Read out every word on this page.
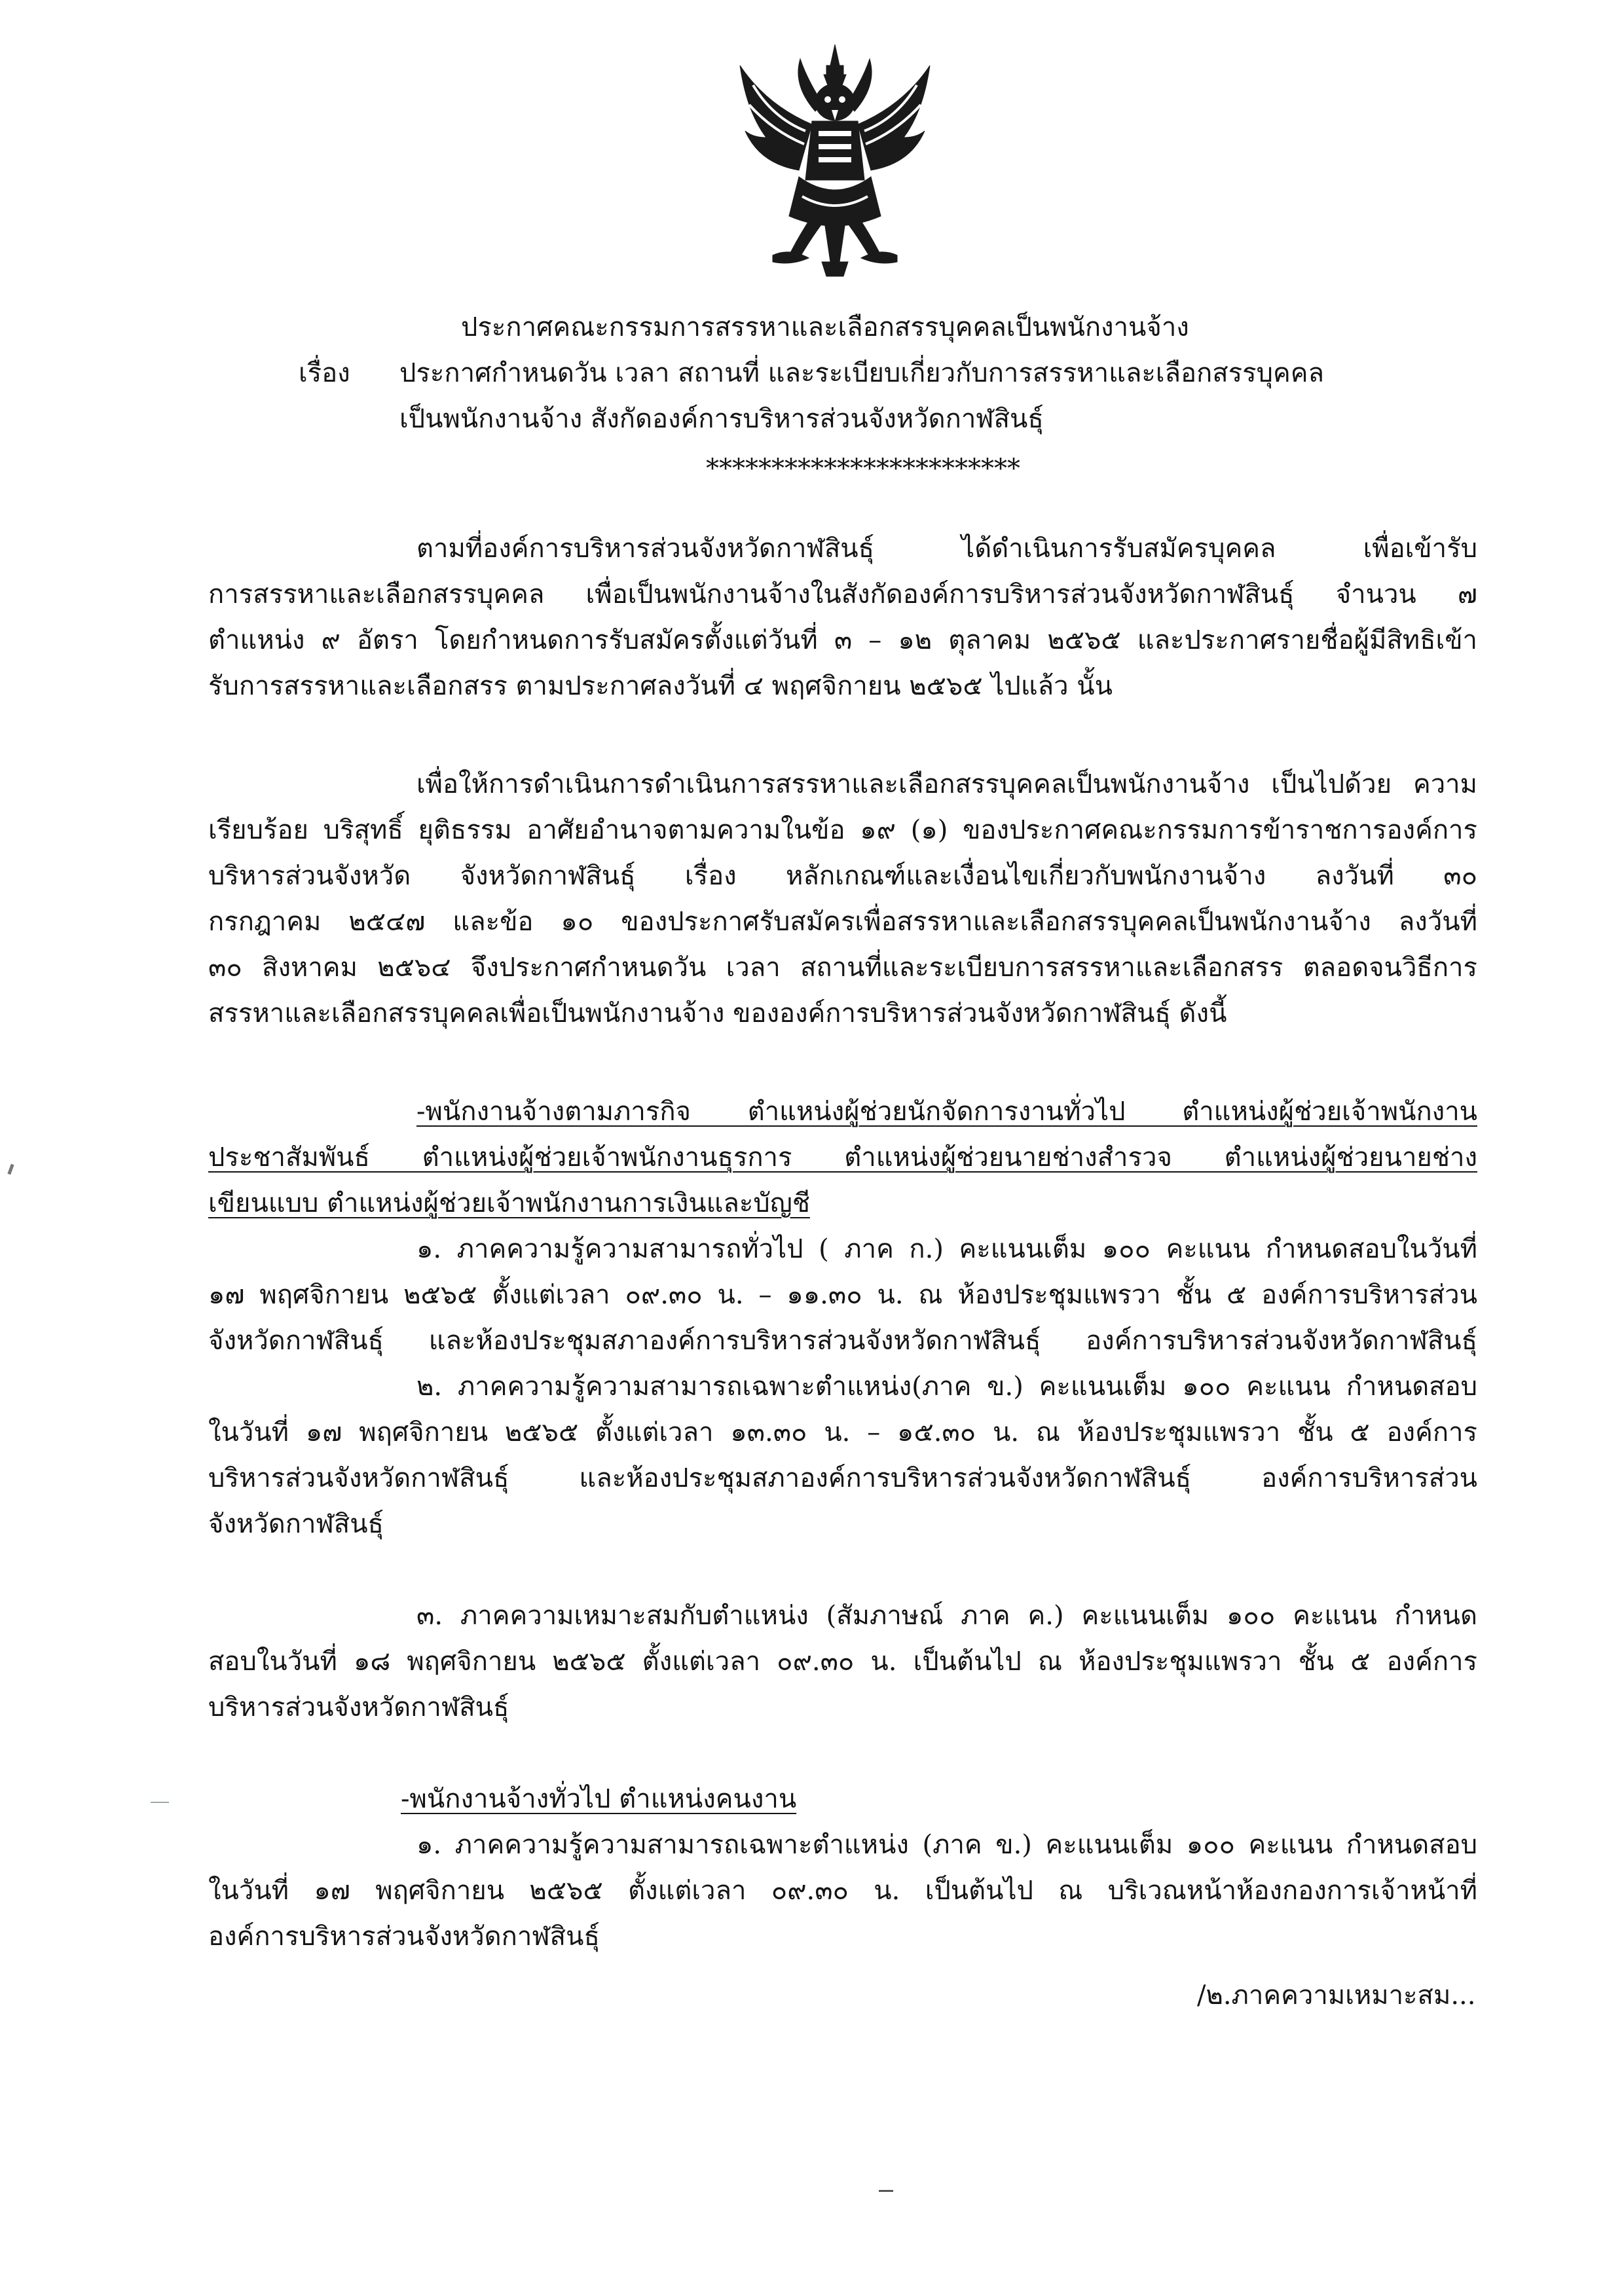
ประกาศคณะกรรมการสรรหาและเลือกสรรบุคคลเป็นพนักงานจ้าง
เรื่อง ประกาศกำหนดวัน เวลา สถานที่ และระเบียบเกี่ยวกับการสรรหาและเลือกสรรบุคคล
เป็นพนักงานจ้าง สังกัดองค์การบริหารส่วนจังหวัดกาฬสินธุ์
************************
ตามที่องค์การบริหารส่วนจังหวัดกาฬสินธุ์ ได้ดำเนินการรับสมัครบุคคล เพื่อเข้ารับ
การสรรหาและเลือกสรรบุคคล เพื่อเป็นพนักงานจ้างในสังกัดองค์การบริหารส่วนจังหวัดกาฬสินธุ์ จำนวน ๗
ตำแหน่ง ๙ อัตรา โดยกำหนดการรับสมัครตั้งแต่วันที่ ๓ – ๑๒ ตุลาคม ๒๕๖๕ และประกาศรายชื่อผู้มีสิทธิเข้า
รับการสรรหาและเลือกสรร ตามประกาศลงวันที่ ๔ พฤศจิกายน ๒๕๖๕ ไปแล้ว นั้น
เพื่อให้การดำเนินการดำเนินการสรรหาและเลือกสรรบุคคลเป็นพนักงานจ้าง เป็นไปด้วย ความ
เรียบร้อย บริสุทธิ์ ยุติธรรม อาศัยอำนาจตามความในข้อ ๑๙ (๑) ของประกาศคณะกรรมการข้าราชการองค์การ
บริหารส่วนจังหวัด จังหวัดกาฬสินธุ์ เรื่อง หลักเกณฑ์และเงื่อนไขเกี่ยวกับพนักงานจ้าง ลงวันที่ ๓๐
กรกฎาคม ๒๕๔๗ และข้อ ๑๐ ของประกาศรับสมัครเพื่อสรรหาและเลือกสรรบุคคลเป็นพนักงานจ้าง ลงวันที่
๓๐ สิงหาคม ๒๕๖๔ จึงประกาศกำหนดวัน เวลา สถานที่และระเบียบการสรรหาและเลือกสรร ตลอดจนวิธีการ
สรรหาและเลือกสรรบุคคลเพื่อเป็นพนักงานจ้าง ขององค์การบริหารส่วนจังหวัดกาฬสินธุ์ ดังนี้
-พนักงานจ้างตามภารกิจ ตำแหน่งผู้ช่วยนักจัดการงานทั่วไป ตำแหน่งผู้ช่วยเจ้าพนักงาน
ประชาสัมพันธ์ ตำแหน่งผู้ช่วยเจ้าพนักงานธุรการ ตำแหน่งผู้ช่วยนายช่างสำรวจ ตำแหน่งผู้ช่วยนายช่าง
เขียนแบบ ตำแหน่งผู้ช่วยเจ้าพนักงานการเงินและบัญชี
๑. ภาคความรู้ความสามารถทั่วไป ( ภาค ก.) คะแนนเต็ม ๑๐๐ คะแนน กำหนดสอบในวันที่
๑๗ พฤศจิกายน ๒๕๖๕ ตั้งแต่เวลา ๐๙.๓๐ น. – ๑๑.๓๐ น. ณ ห้องประชุมแพรวา ชั้น ๕ องค์การบริหารส่วน
จังหวัดกาฬสินธุ์ และห้องประชุมสภาองค์การบริหารส่วนจังหวัดกาฬสินธุ์ องค์การบริหารส่วนจังหวัดกาฬสินธุ์
๒. ภาคความรู้ความสามารถเฉพาะตำแหน่ง(ภาค ข.) คะแนนเต็ม ๑๐๐ คะแนน กำหนดสอบ
ในวันที่ ๑๗ พฤศจิกายน ๒๕๖๕ ตั้งแต่เวลา ๑๓.๓๐ น. – ๑๕.๓๐ น. ณ ห้องประชุมแพรวา ชั้น ๕ องค์การ
บริหารส่วนจังหวัดกาฬสินธุ์ และห้องประชุมสภาองค์การบริหารส่วนจังหวัดกาฬสินธุ์ องค์การบริหารส่วน
จังหวัดกาฬสินธุ์
๓. ภาคความเหมาะสมกับตำแหน่ง (สัมภาษณ์ ภาค ค.) คะแนนเต็ม ๑๐๐ คะแนน กำหนด
สอบในวันที่ ๑๘ พฤศจิกายน ๒๕๖๕ ตั้งแต่เวลา ๐๙.๓๐ น. เป็นต้นไป ณ ห้องประชุมแพรวา ชั้น ๕ องค์การ
บริหารส่วนจังหวัดกาฬสินธุ์
-พนักงานจ้างทั่วไป ตำแหน่งคนงาน
๑. ภาคความรู้ความสามารถเฉพาะตำแหน่ง (ภาค ข.) คะแนนเต็ม ๑๐๐ คะแนน กำหนดสอบ
ในวันที่ ๑๗ พฤศจิกายน ๒๕๖๕ ตั้งแต่เวลา ๐๙.๓๐ น. เป็นต้นไป ณ บริเวณหน้าห้องกองการเจ้าหน้าที่
องค์การบริหารส่วนจังหวัดกาฬสินธุ์
/๒.ภาคความเหมาะสม...
